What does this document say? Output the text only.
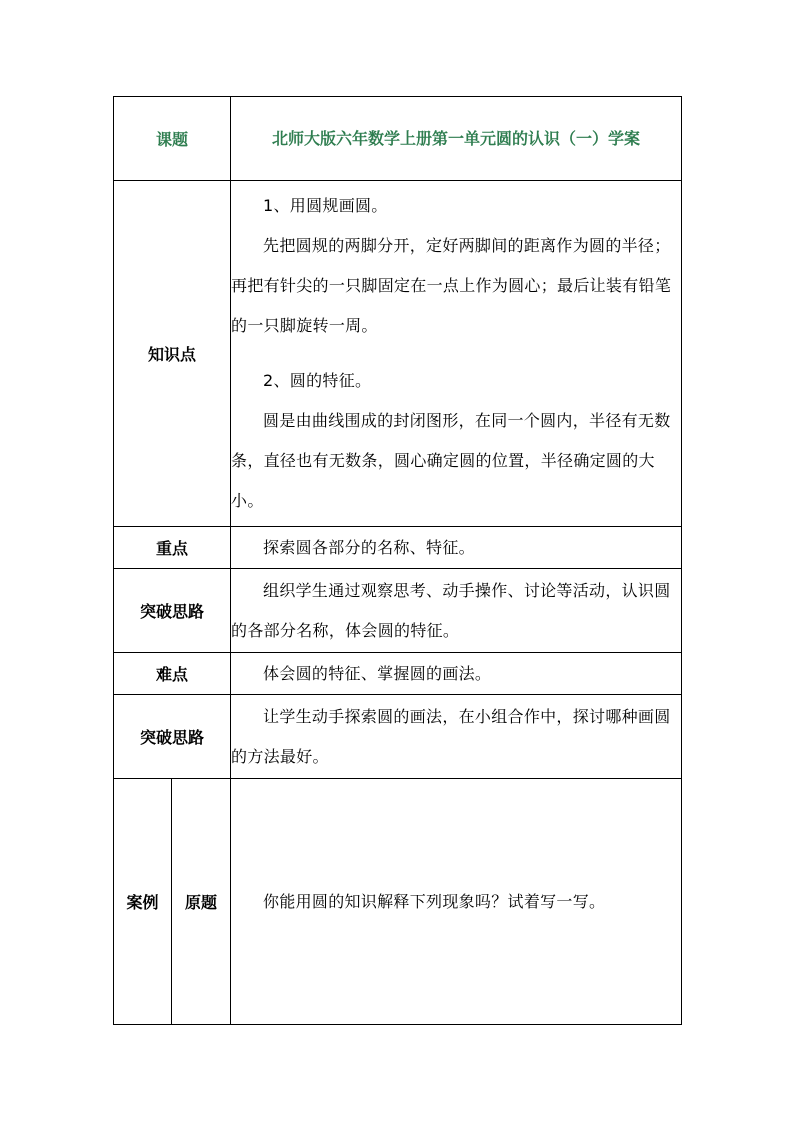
课题		北师大版六年数学上册第一单元圆的认识（一）学案
知识点		1、用圆规画圆。

先把圆规的两脚分开，定好两脚间的距离作为圆的半径；再把有针尖的一只脚固定在一点上作为圆心；最后让装有铅笔的一只脚旋转一周。

2、圆的特征。

圆是由曲线围成的封闭图形，在同一个圆内，半径有无数条，直径也有无数条，圆心确定圆的位置，半径确定圆的大小。

重点		探索圆各部分的名称、特征。

突破思路		组织学生通过观察思考、动手操作、讨论等活动，认识圆的各部分名称，体会圆的特征。

难点		体会圆的特征、掌握圆的画法。

突破思路		让学生动手探索圆的画法，在小组合作中，探讨哪种画圆的方法最好。

案例	原题	你能用圆的知识解释下列现象吗？试着写一写。
